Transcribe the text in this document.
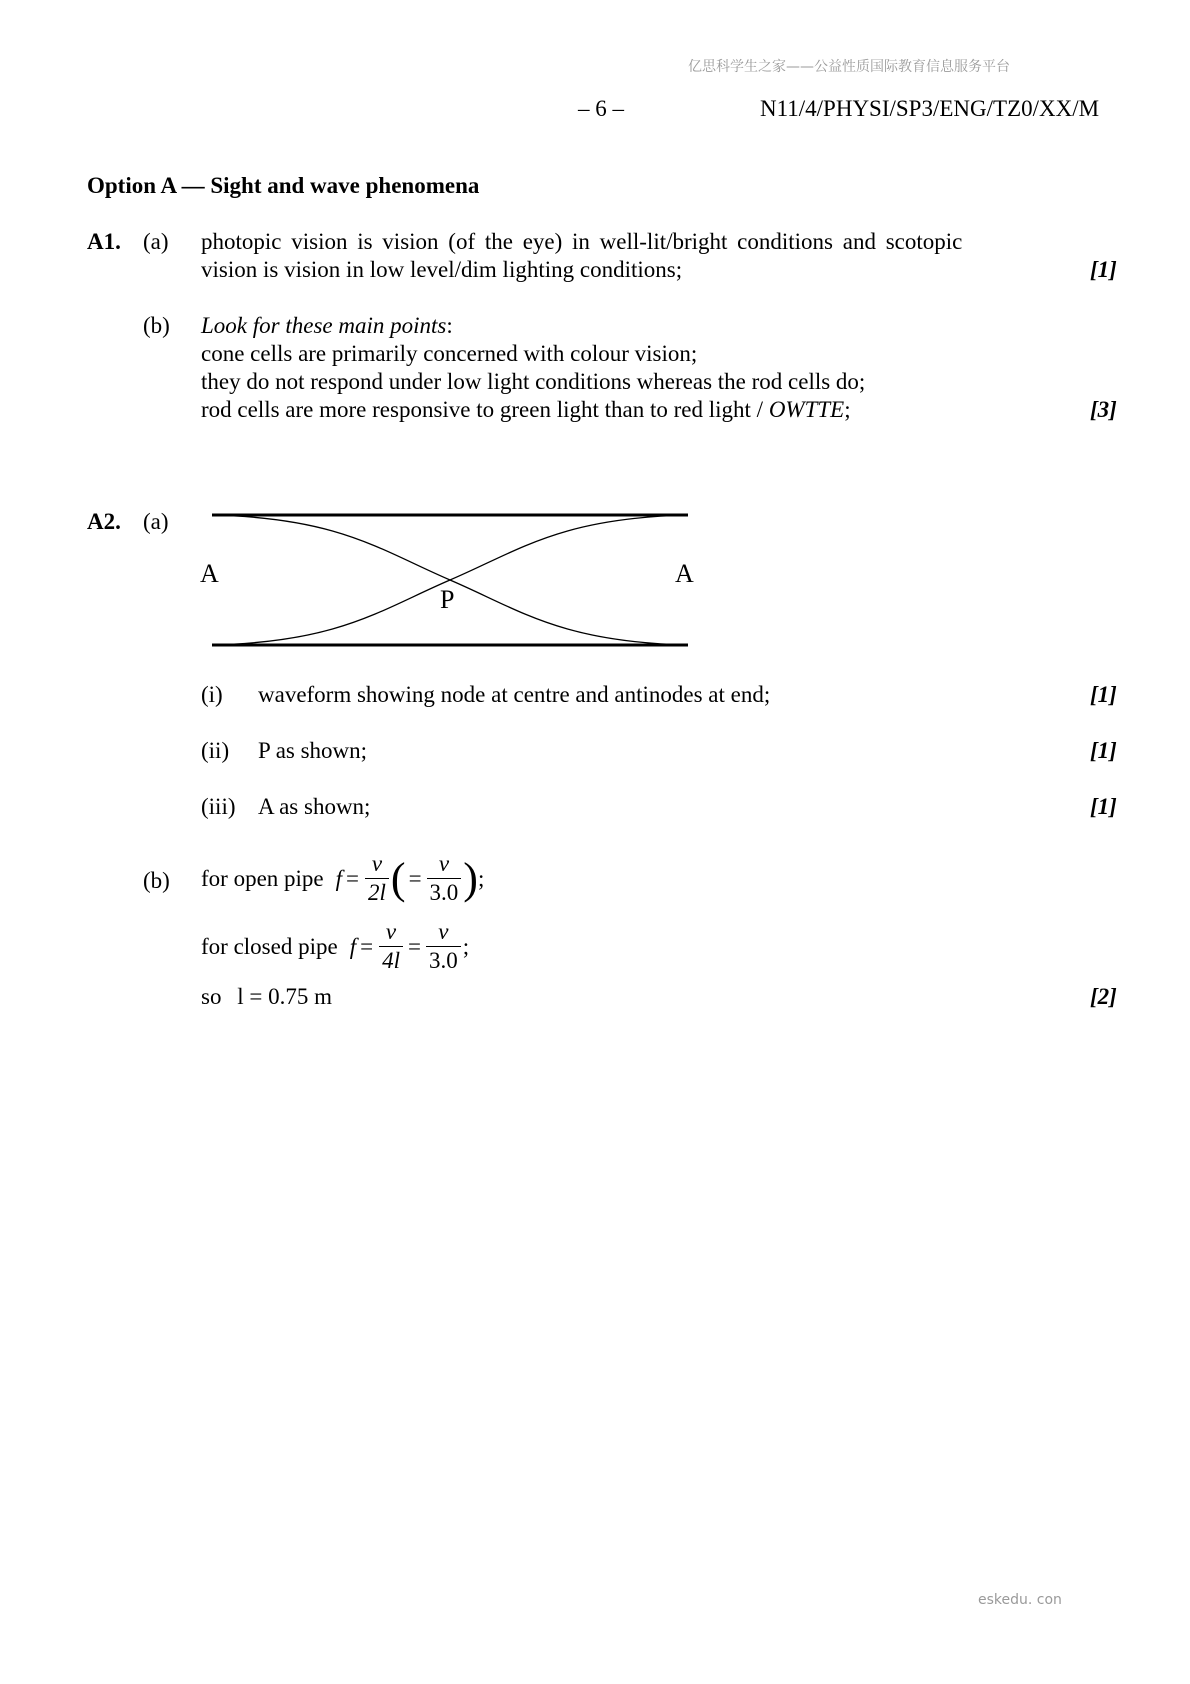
亿思科学生之家——公益性质国际教育信息服务平台
– 6 –	N11/4/PHYSI/SP3/ENG/TZ0/XX/M
Option A — Sight and wave phenomena
A1. (a) photopic vision is vision (of the eye) in well-lit/bright conditions and scotopic
vision is vision in low level/dim lighting conditions;	[1]
(b) Look for these main points:
cone cells are primarily concerned with colour vision;
they do not respond under low light conditions whereas the rod cells do;
rod cells are more responsive to green light than to red light / OWTTE;	[3]
A2. (a)
A	A
P
(i) waveform showing node at centre and antinodes at end;	[1]
(ii) P as shown;	[1]
(iii) A as shown;	[1]
(b) for open pipe $f = \frac{v}{2l}$ ( = $\frac{v}{3.0}$ ) ;
for closed pipe $f = \frac{v}{4l} = \frac{v}{3.0}$ ;
so l = 0.75 m	[2]
eskedu. con
